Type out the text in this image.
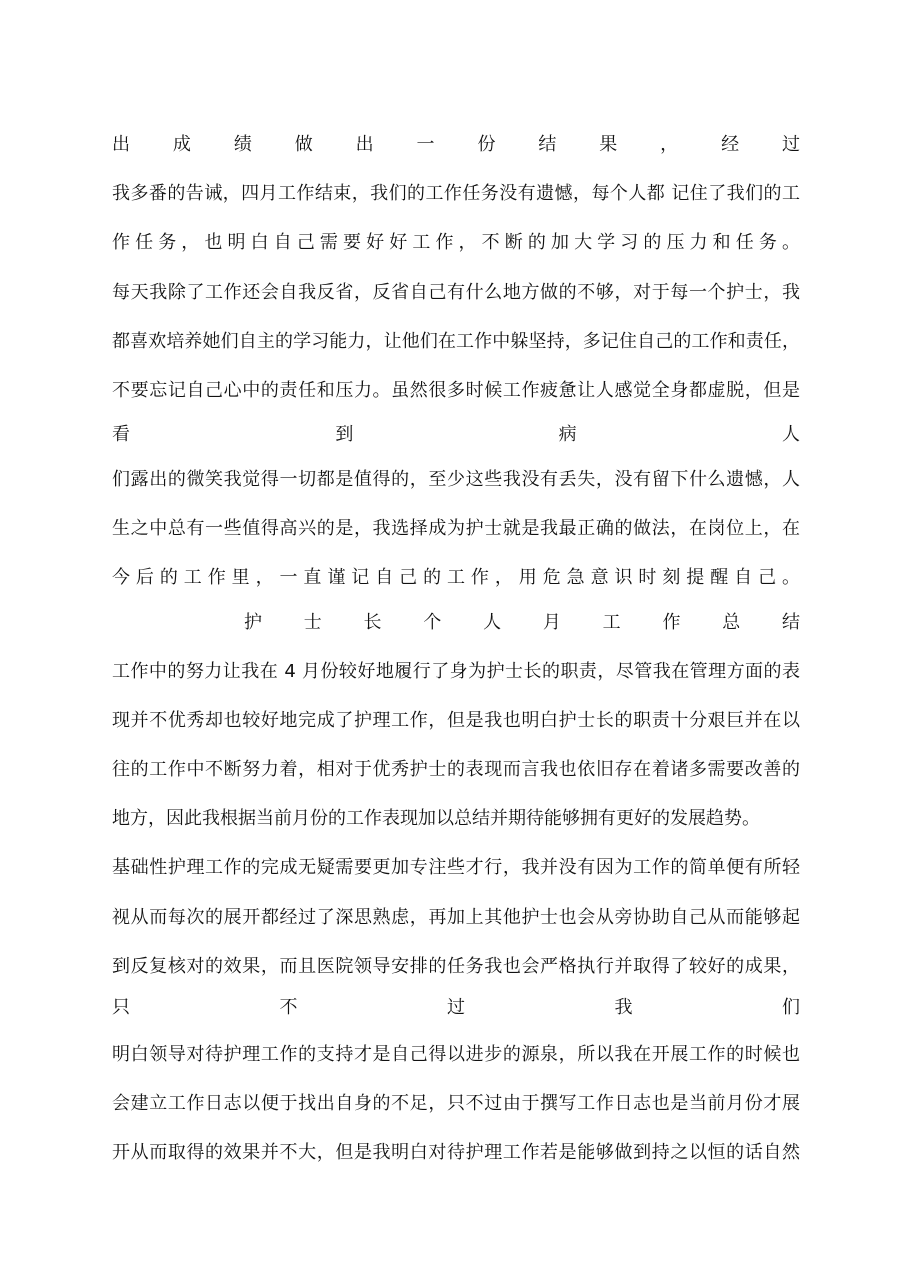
出 成 绩 做 出 一 份 结 果 ， 经 过
我多番的告诫，四月工作结束，我们的工作任务没有遗憾，每个人都 记住了我们的工
作任务，也明白自己需要好好工作，不断的加大学习的压力和任务。
每天我除了工作还会自我反省，反省自己有什么地方做的不够，对于每一个护士，我
都喜欢培养她们自主的学习能力，让他们在工作中躲坚持，多记住自己的工作和责任，
不要忘记自己心中的责任和压力。虽然很多时候工作疲惫让人感觉全身都虚脱，但是
看 到 病 人
们露出的微笑我觉得一切都是值得的，至少这些我没有丢失，没有留下什么遗憾，人
生之中总有一些值得高兴的是，我选择成为护士就是我最正确的做法，在岗位上，在
今后的工作里，一直谨记自己的工作，用危急意识时刻提醒自己。
护 士 长 个 人 月 工 作 总 结
工作中的努力让我在 4 月份较好地履行了身为护士长的职责，尽管我在管理方面的表
现并不优秀却也较好地完成了护理工作，但是我也明白护士长的职责十分艰巨并在以
往的工作中不断努力着，相对于优秀护士的表现而言我也依旧存在着诸多需要改善的
地方，因此我根据当前月份的工作表现加以总结并期待能够拥有更好的发展趋势。
基础性护理工作的完成无疑需要更加专注些才行，我并没有因为工作的简单便有所轻
视从而每次的展开都经过了深思熟虑，再加上其他护士也会从旁协助自己从而能够起
到反复核对的效果，而且医院领导安排的任务我也会严格执行并取得了较好的成果，
只 不 过 我 们
明白领导对待护理工作的支持才是自己得以进步的源泉，所以我在开展工作的时候也
会建立工作日志以便于找出自身的不足，只不过由于撰写工作日志也是当前月份才展
开从而取得的效果并不大，但是我明白对待护理工作若是能够做到持之以恒的话自然
